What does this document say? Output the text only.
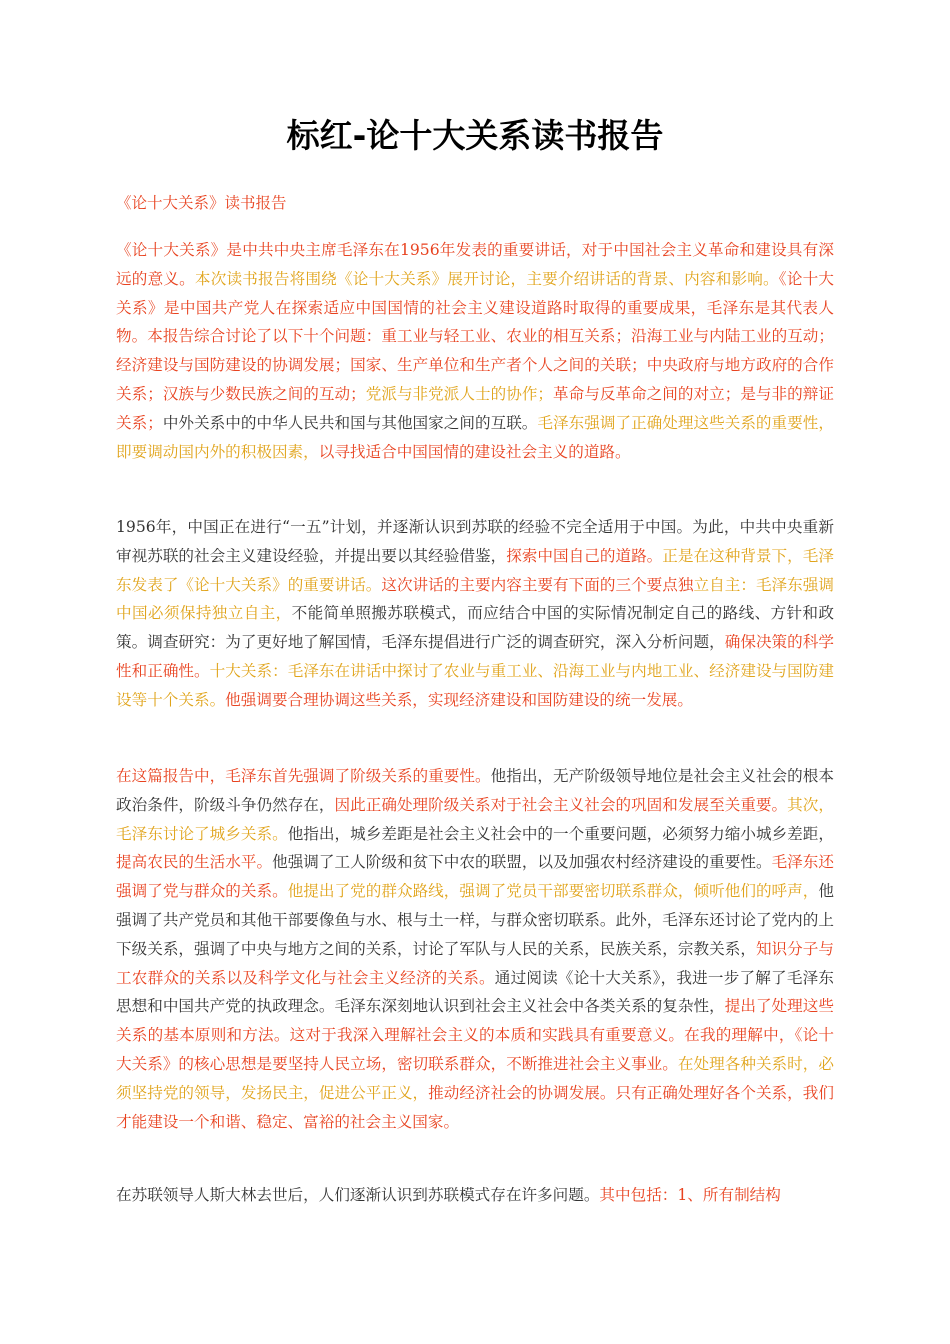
标红-论十大关系读书报告
《论十大关系》读书报告
《论十大关系》是中共中央主席毛泽东在1956年发表的重要讲话，对于中国社会主义革命和建设具有深远的意义。本次读书报告将围绕《论十大关系》展开讨论，主要介绍讲话的背景、内容和影响。《论十大关系》是中国共产党人在探索适应中国国情的社会主义建设道路时取得的重要成果，毛泽东是其代表人物。本报告综合讨论了以下十个问题：重工业与轻工业、农业的相互关系；沿海工业与内陆工业的互动；经济建设与国防建设的协调发展；国家、生产单位和生产者个人之间的关联；中央政府与地方政府的合作关系；汉族与少数民族之间的互动；党派与非党派人士的协作；革命与反革命之间的对立；是与非的辩证关系；中外关系中的中华人民共和国与其他国家之间的互联。毛泽东强调了正确处理这些关系的重要性，即要调动国内外的积极因素，以寻找适合中国国情的建设社会主义的道路。
1956年，中国正在进行“一五”计划，并逐渐认识到苏联的经验不完全适用于中国。为此，中共中央重新审视苏联的社会主义建设经验，并提出要以其经验借鉴，探索中国自己的道路。正是在这种背景下，毛泽东发表了《论十大关系》的重要讲话。这次讲话的主要内容主要有下面的三个要点独立自主：毛泽东强调中国必须保持独立自主，不能简单照搬苏联模式，而应结合中国的实际情况制定自己的路线、方针和政策。调查研究：为了更好地了解国情，毛泽东提倡进行广泛的调查研究，深入分析问题，确保决策的科学性和正确性。十大关系：毛泽东在讲话中探讨了农业与重工业、沿海工业与内地工业、经济建设与国防建设等十个关系。他强调要合理协调这些关系，实现经济建设和国防建设的统一发展。
在这篇报告中，毛泽东首先强调了阶级关系的重要性。他指出，无产阶级领导地位是社会主义社会的根本政治条件，阶级斗争仍然存在，因此正确处理阶级关系对于社会主义社会的巩固和发展至关重要。其次，毛泽东讨论了城乡关系。他指出，城乡差距是社会主义社会中的一个重要问题，必须努力缩小城乡差距，提高农民的生活水平。他强调了工人阶级和贫下中农的联盟，以及加强农村经济建设的重要性。毛泽东还强调了党与群众的关系。他提出了党的群众路线，强调了党员干部要密切联系群众，倾听他们的呼声，他强调了共产党员和其他干部要像鱼与水、根与土一样，与群众密切联系。此外，毛泽东还讨论了党内的上下级关系，强调了中央与地方之间的关系，讨论了军队与人民的关系，民族关系，宗教关系，知识分子与工农群众的关系以及科学文化与社会主义经济的关系。通过阅读《论十大关系》，我进一步了解了毛泽东思想和中国共产党的执政理念。毛泽东深刻地认识到社会主义社会中各类关系的复杂性，提出了处理这些关系的基本原则和方法。这对于我深入理解社会主义的本质和实践具有重要意义。在我的理解中，《论十大关系》的核心思想是要坚持人民立场，密切联系群众，不断推进社会主义事业。在处理各种关系时，必须坚持党的领导，发扬民主，促进公平正义，推动经济社会的协调发展。只有正确处理好各个关系，我们才能建设一个和谐、稳定、富裕的社会主义国家。
在苏联领导人斯大林去世后，人们逐渐认识到苏联模式存在许多问题。其中包括：1、所有制结构
